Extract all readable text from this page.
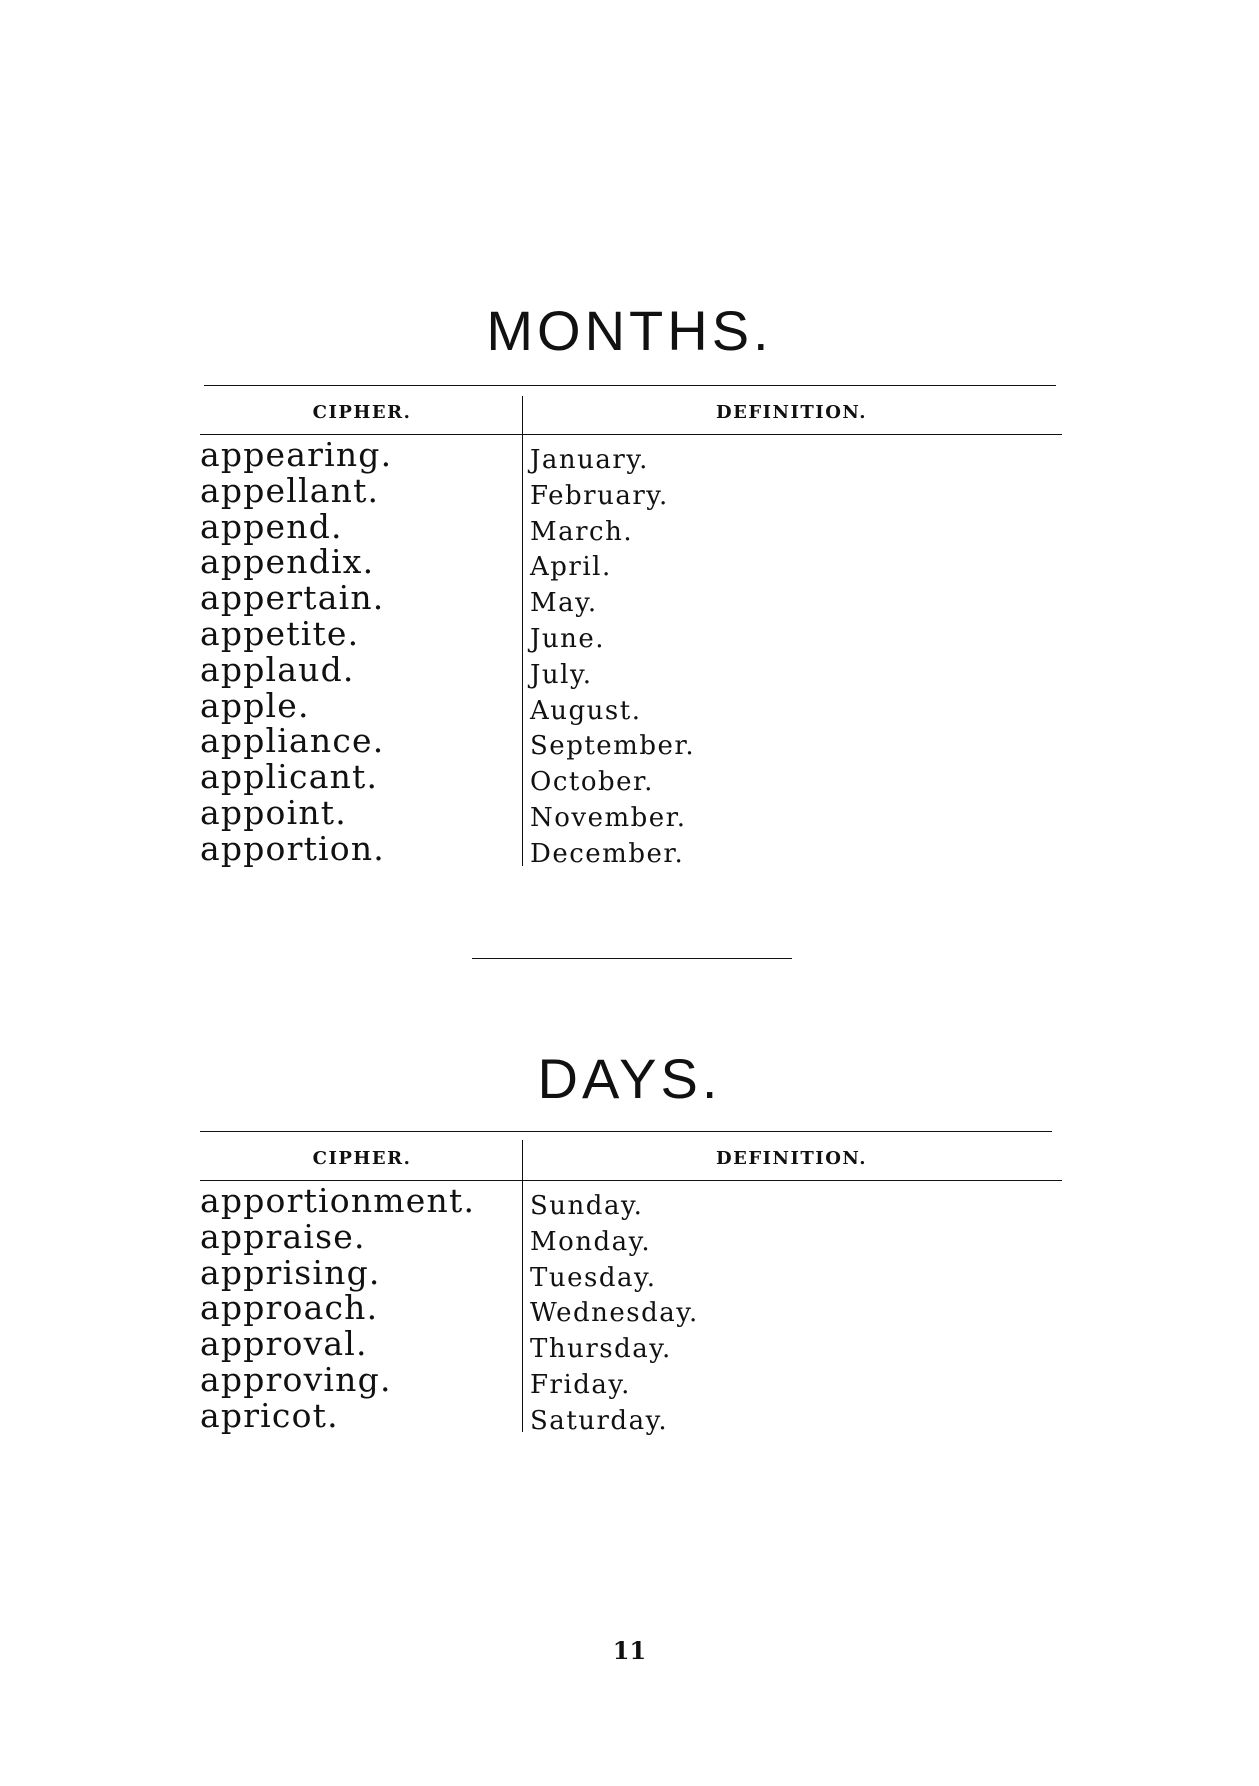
MONTHS.
CIPHER.	DEFINITION.
appearing.
appellant.
append.
appendix.
appertain.
appetite.
applaud.
apple.
appliance.
applicant.
appoint.
apportion.
January.
February.
March.
April.
May.
June.
July.
August.
September.
October.
November.
December.
DAYS.
CIPHER.	DEFINITION.
apportionment.
appraise.
apprising.
approach.
approval.
approving.
apricot.
Sunday.
Monday.
Tuesday.
Wednesday.
Thursday.
Friday.
Saturday.
11
